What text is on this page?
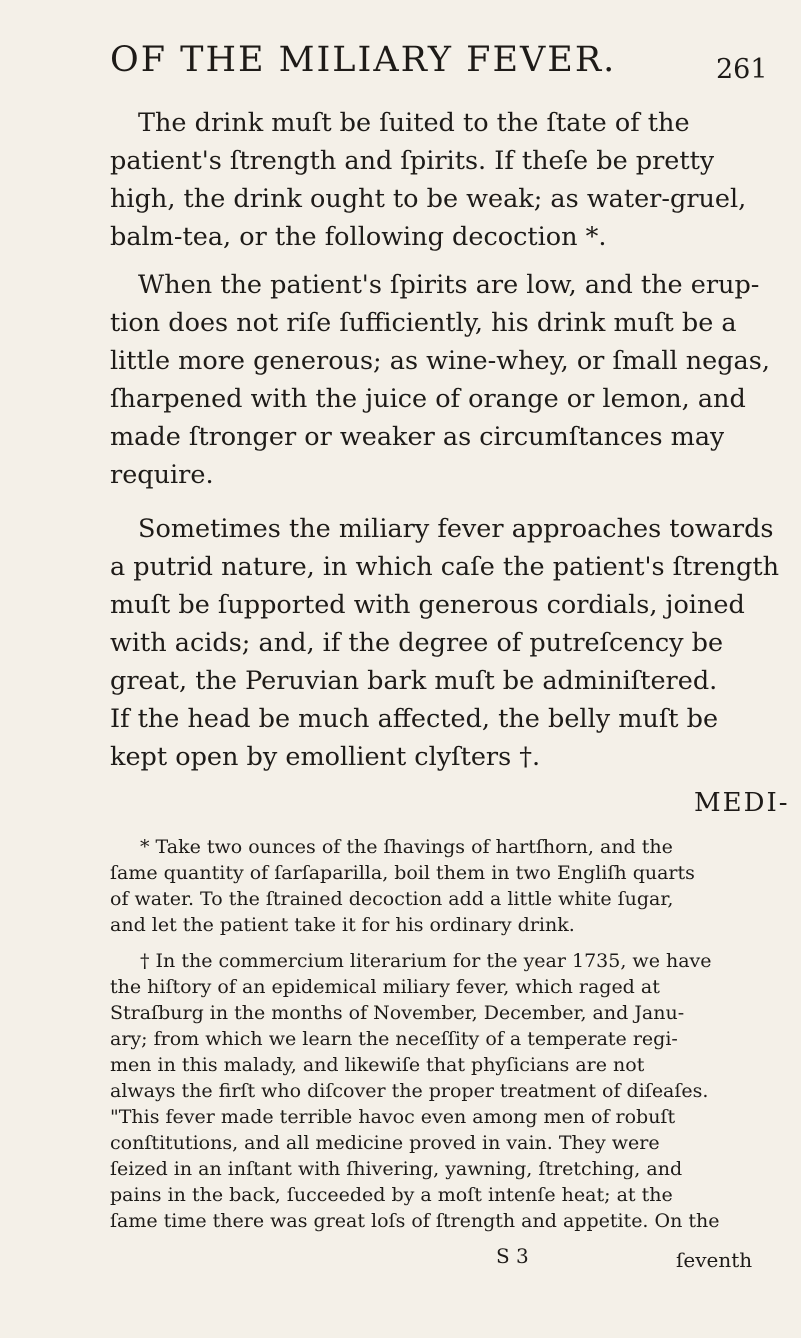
OF THE MILIARY FEVER.	261
The drink muſt be ſuited to the ſtate of the
patient's ſtrength and ſpirits. If theſe be pretty
high, the drink ought to be weak; as water-gruel,
balm-tea, or the following decoction *.
When the patient's ſpirits are low, and the erup-
tion does not riſe ſufficiently, his drink muſt be a
little more generous; as wine-whey, or ſmall negas,
ſharpened with the juice of orange or lemon, and
made ſtronger or weaker as circumſtances may
require.
Sometimes the miliary fever approaches towards
a putrid nature, in which caſe the patient's ſtrength
muſt be ſupported with generous cordials, joined
with acids; and, if the degree of putreſcency be
great, the Peruvian bark muſt be adminiſtered.
If the head be much affected, the belly muſt be
kept open by emollient clyſters †.
MEDI-
* Take two ounces of the ſhavings of hartſhorn, and the
ſame quantity of ſarſaparilla, boil them in two Engliſh quarts
of water. To the ſtrained decoction add a little white ſugar,
and let the patient take it for his ordinary drink.
† In the commercium literarium for the year 1735, we have
the hiſtory of an epidemical miliary fever, which raged at
Straſburg in the months of November, December, and Janu-
ary; from which we learn the neceſſity of a temperate regi-
men in this malady, and likewiſe that phyſicians are not
always the firſt who diſcover the proper treatment of diſeaſes.
"This fever made terrible havoc even among men of robuſt
conſtitutions, and all medicine proved in vain. They were
ſeized in an inſtant with ſhivering, yawning, ſtretching, and
pains in the back, ſucceeded by a moſt intenſe heat; at the
ſame time there was great loſs of ſtrength and appetite. On the
S 3	ſeventh
